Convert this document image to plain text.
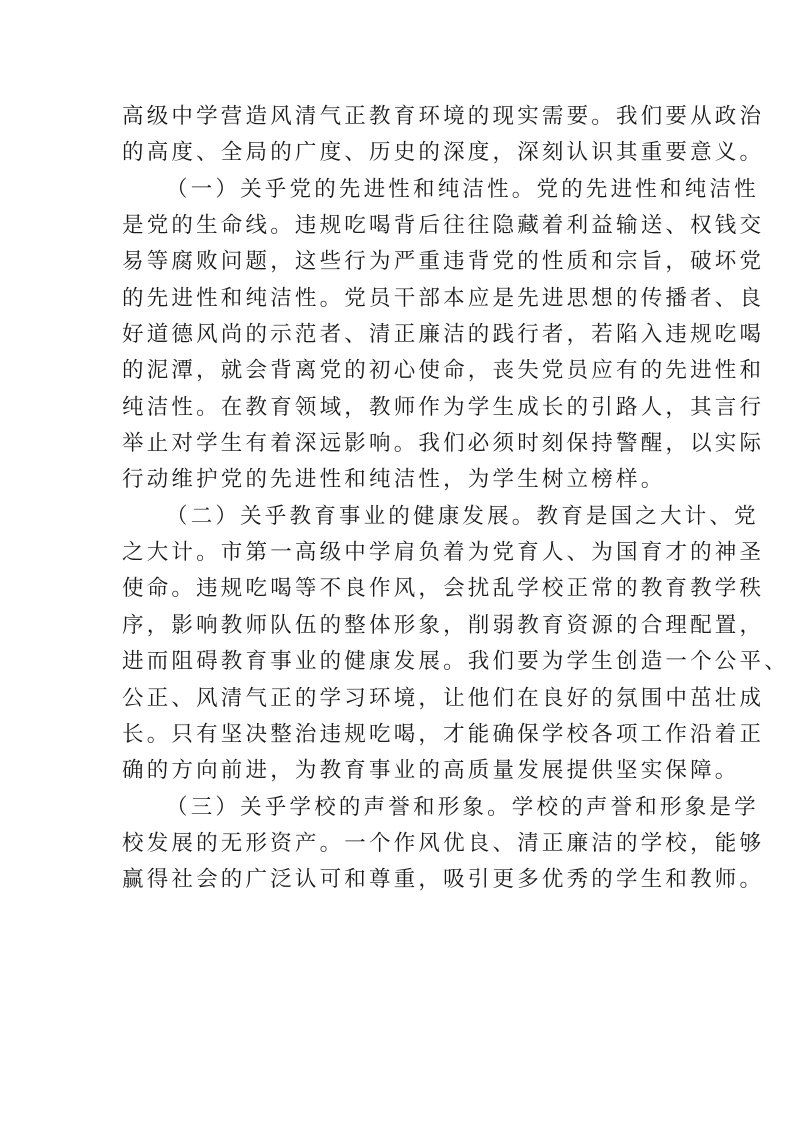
高级中学营造风清气正教育环境的现实需要。我们要从政治
的高度、全局的广度、历史的深度，深刻认识其重要意义。
（一）关乎党的先进性和纯洁性。党的先进性和纯洁性
是党的生命线。违规吃喝背后往往隐藏着利益输送、权钱交
易等腐败问题，这些行为严重违背党的性质和宗旨，破坏党
的先进性和纯洁性。党员干部本应是先进思想的传播者、良
好道德风尚的示范者、清正廉洁的践行者，若陷入违规吃喝
的泥潭，就会背离党的初心使命，丧失党员应有的先进性和
纯洁性。在教育领域，教师作为学生成长的引路人，其言行
举止对学生有着深远影响。我们必须时刻保持警醒，以实际
行动维护党的先进性和纯洁性，为学生树立榜样。
（二）关乎教育事业的健康发展。教育是国之大计、党
之大计。市第一高级中学肩负着为党育人、为国育才的神圣
使命。违规吃喝等不良作风，会扰乱学校正常的教育教学秩
序，影响教师队伍的整体形象，削弱教育资源的合理配置，
进而阻碍教育事业的健康发展。我们要为学生创造一个公平、
公正、风清气正的学习环境，让他们在良好的氛围中茁壮成
长。只有坚决整治违规吃喝，才能确保学校各项工作沿着正
确的方向前进，为教育事业的高质量发展提供坚实保障。
（三）关乎学校的声誉和形象。学校的声誉和形象是学
校发展的无形资产。一个作风优良、清正廉洁的学校，能够
赢得社会的广泛认可和尊重，吸引更多优秀的学生和教师。
